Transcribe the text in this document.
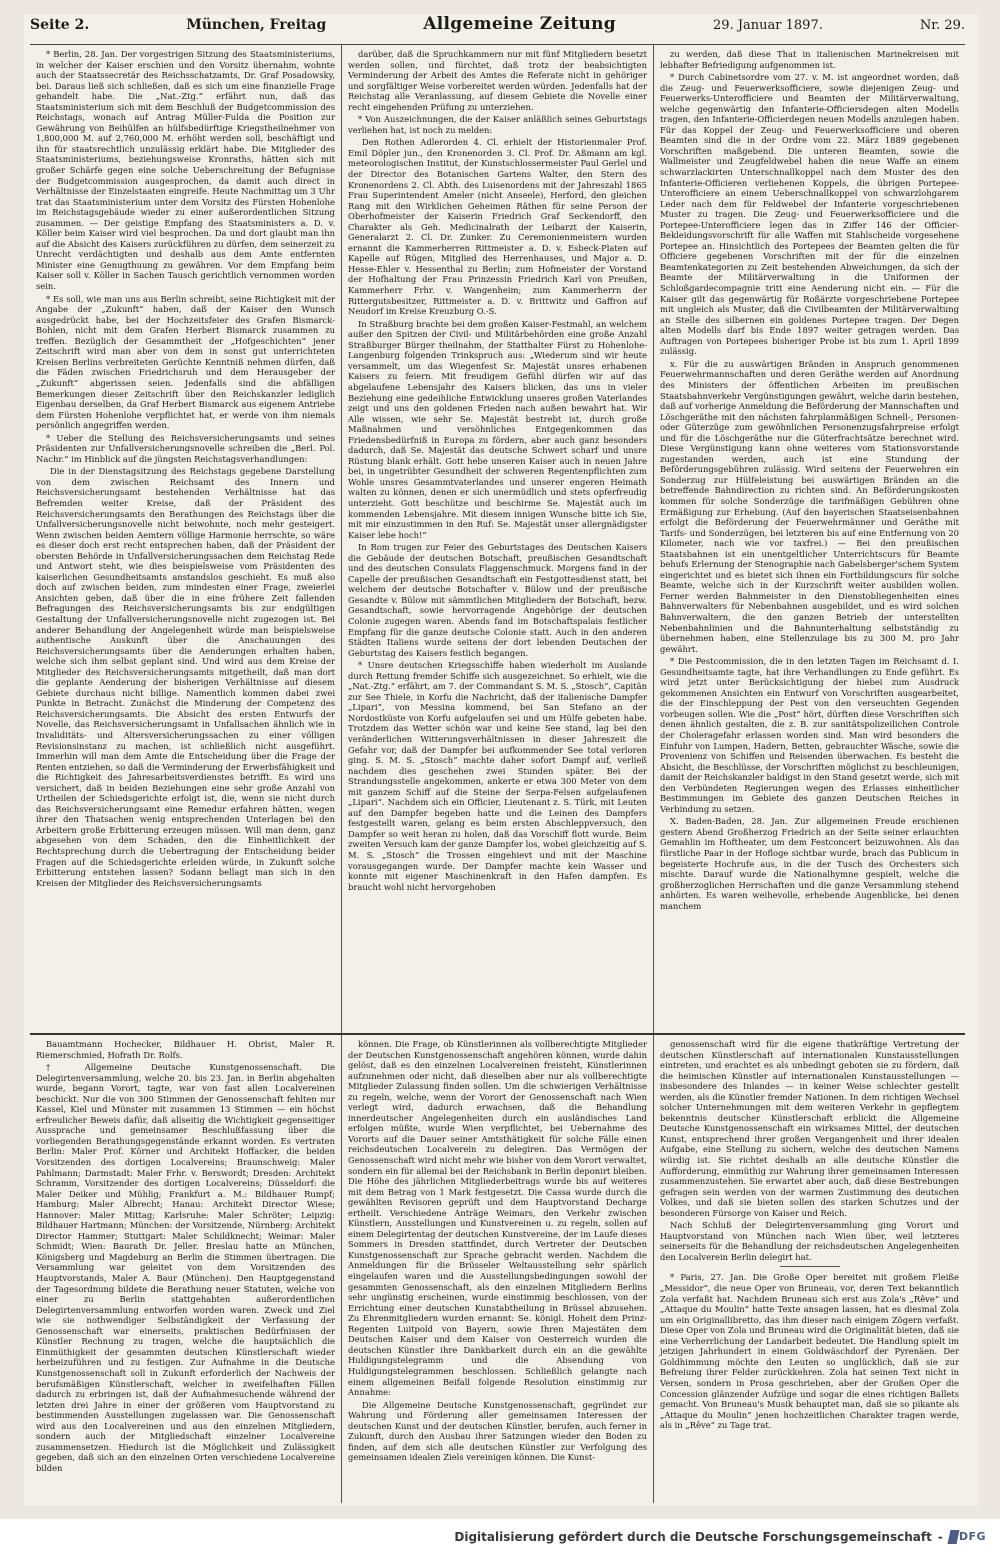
Seite 2.	München, Freitag	Allgemeine Zeitung	29. Januar 1897.	Nr. 29.

* Berlin, 28. Jan. Der vorgestrigen Sitzung des Staatsministeriums, in welcher der Kaiser erschien und den Vorsitz übernahm, wohnte auch der Staatssecretär des Reichsschatzamts, Dr. Graf Posadowsky, bei. Daraus ließ sich schließen, daß es sich um eine finanzielle Frage gehandelt habe. Die „Nat.-Ztg.“ erfährt nun, daß das Staatsministerium sich mit dem Beschluß der Budgetcommission des Reichstags, wonach auf Antrag Müller-Fulda die Position zur Gewährung von Beihülfen an hülfsbedürftige Kriegstheilnehmer von 1,800,000 M. auf 2,760,000 M. erhöht werden soll, beschäftigt und ihn für staatsrechtlich unzulässig erklärt habe. Die Mitglieder des Staatsministeriums, beziehungsweise Kronraths, hätten sich mit großer Schärfe gegen eine solche Ueberschreitung der Befugnisse der Budgetcommission ausgesprochen, da damit auch direct in Verhältnisse der Einzelstaaten eingreife. Heute Nachmittag um 3 Uhr trat das Staatsministerium unter dem Vorsitz des Fürsten Hohenlohe im Reichstagsgebäude wieder zu einer außerordentlichen Sitzung zusammen. — Der geistige Empfang des Staatsministers a. D. v. Köller beim Kaiser wird viel besprochen. Da und dort glaubt man ihn auf die Absicht des Kaisers zurückführen zu dürfen, dem seinerzeit zu Unrecht verdächtigten und deshalb aus dem Amte entfernten Minister eine Genugthuung zu gewähren. Vor dem Empfang beim Kaiser soll v. Köller in Sachen Tausch gerichtlich vernommen worden sein.

* Es soll, wie man uns aus Berlin schreibt, seine Richtigkeit mit der Angabe der „Zukunft“ haben, daß der Kaiser den Wunsch ausgedrückt habe, bei der Hochzeitsfeier des Grafen Bismarck-Bohlen, nicht mit dem Grafen Herbert Bismarck zusammen zu treffen. Bezüglich der Gesammtheit der „Hofgeschichten“ jener Zeitschrift wird man aber von dem in sonst gut unterrichteten Kreisen Berlins verbreiteten Gerüchte Kenntniß nehmen dürfen, daß die Fäden zwischen Friedrichsruh und dem Herausgeber der „Zukunft“ abgerissen seien. Jedenfalls sind die abfälligen Bemerkungen dieser Zeitschrift über den Reichskanzler lediglich Eigenbau derselben, da Graf Herbert Bismarck aus eigenem Antriebe dem Fürsten Hohenlohe verpflichtet hat, er werde von ihm niemals persönlich angegriffen werden.

* Ueber die Stellung des Reichsversicherungsamts und seines Präsidenten zur Unfallversicherungsnovelle schreiben die „Berl. Pol. Nachr.“ im Hinblick auf die jüngsten Reichstagsverhandlungen:

Die in der Dienstagsitzung des Reichstags gegebene Darstellung von dem zwischen Reichsamt des Innern und Reichsversicherungsamt bestehenden Verhältnisse hat das Befremden weiter Kreise, daß der Präsident des Reichsversicherungsamts den Berathungen des Reichstags über die Unfallversicherungsnovelle nicht beiwohnte, noch mehr gesteigert. Wenn zwischen beiden Aemtern völlige Harmonie herrschte, so wäre es dieser doch erst recht entsprechen haben, daß der Präsident der obersten Behörde in Unfallversicherungssachen dem Reichstag Rede und Antwort steht, wie dies beispielsweise vom Präsidenten des kaiserlichen Gesundheitsamts anstandslos geschieht. Es muß also doch auf zwischen beiden, zum mindesten einer Frage, zweierlei Ansichten geben, daß über die in eine frühere Zeit fallenden Befragungen des Reichsversicherungsamts bis zur endgültigen Gestaltung der Unfallversicherungsnovelle nicht zugezogen ist. Bei anderer Behandlung der Angelegenheit würde man beispielsweise authentische Auskunft über die Anschauungen des Reichsversicherungsamts über die Aenderungen erhalten haben, welche sich ihm selbst geplant sind. Und wird aus dem Kreise der Mitglieder des Reichsversicherungsamts mitgetheilt, daß man dort die geplante Aenderung der bisherigen Verhältnisse auf diesem Gebiete durchaus nicht billige. Namentlich kommen dabei zwei Punkte in Betracht. Zunächst die Minderung der Competenz des Reichsversicherungsamts. Die Absicht des ersten Entwurfs der Novelle, das Reichsversicherungsamt in Unfallsachen ähnlich wie in Invaliditäts- und Altersversicherungssachen zu einer völligen Revisionsinstanz zu machen, ist schließlich nicht ausgeführt. Immerhin will man dem Amte die Entscheidung über die Frage der Renten entziehen, so daß die Verminderung der Erwerbsfähigkeit und die Richtigkeit des Jahresarbeitsverdienstes betrifft. Es wird uns versichert, daß in beiden Beziehungen eine sehr große Anzahl von Urtheilen der Schiedsgerichte erfolgt ist, die, wenn sie nicht durch das Reichsversicherungsamt eine Remedur erfahren hätten, wegen ihrer den Thatsachen wenig entsprechenden Unterlagen bei den Arbeitern große Erbitterung erzeugen müssen. Will man denn, ganz abgesehen von dem Schaden, den die Einheitlichkeit der Rechtsprechung durch die Uebertragung der Entscheidung beider Fragen auf die Schiedsgerichte erleiden würde, in Zukunft solche Erbitterung entstehen lassen? Sodann bellagt man sich in den Kreisen der Mitglieder des Reichsversicherungsamts

darüber, daß die Spruchkammern nur mit fünf Mitgliedern besetzt werden sollen, und fürchtet, daß trotz der beabsichtigten Verminderung der Arbeit des Amtes die Referate nicht in gehöriger und sorgfältiger Weise vorbereitet werden würden. Jedenfalls hat der Reichstag alle Veranlassung, auf diesem Gebiete die Novelle einer recht eingehenden Prüfung zu unterziehen.

* Von Auszeichnungen, die der Kaiser anläßlich seines Geburtstags verliehen hat, ist noch zu melden:

Den Rothen Adlerorden 4. Cl. erhielt der Historienmaler Prof. Emil Döpler jun., den Kronenorden 3. Cl. Prof. Dr. Aßmann am kgl. meteorologischen Institut, der Kunstschlossermeister Paul Gerlel und der Director des Botanischen Gartens Walter, den Stern des Kronenordens 2. Cl. Abth. des Luisenordens mit der Jahreszahl 1865 Frau Superintendent Ameler (nicht Anseele), Herford, den gleichen Rang mit den Wirklichen Geheimen Räthen für seine Person der Oberhofmeister der Kaiserin Friedrich Graf Seckendorff, den Charakter als Geh. Medicinalrath der Leibarzt der Kaiserin, Generalarzt 2. Cl. Dr. Zunker. Zu Ceremonienmeistern wurden ernannt die Kammerherren Rittmeister a. D. v. Esbeck-Platen auf Kapelle auf Rügen, Mitglied des Herrenhauses, und Major a. D. Hesse-Ehler v. Hessenthal zu Berlin; zum Hofmeister der Vorstand der Hofhaltung der Frau Prinzessin Friedrich Karl von Preußen, Kammerherr Frhr. v. Wangenheim; zum Kammerherrn der Rittergutsbesitzer, Rittmeister a. D. v. Brittwitz und Gaffron auf Neudorf im Kreise Kreuzburg O.-S.

In Straßburg brachte bei dem großen Kaiser-Festmahl, an welchem außer den Spitzen der Civil- und Militärbehörden eine große Anzahl Straßburger Bürger theilnahm, der Statthalter Fürst zu Hohenlohe-Langenburg folgenden Trinkspruch aus: „Wiederum sind wir heute versammelt, um das Wiegenfest Sr. Majestät unsres erhabenen Kaisers zu feiern. Mit freudigem Gefühl dürfen wir auf das abgelaufene Lebensjahr des Kaisers blicken, das uns in vieler Beziehung eine gedeihliche Entwicklung unseres großen Vaterlandes zeigt und uns den goldenen Frieden nach außen bewahrt hat. Wir Alle wissen, wie sehr Se. Majestät bestrebt ist, durch große Maßnahmen und versöhnliches Entgegenkommen das Friedensbedürfniß in Europa zu fördern, aber auch ganz besonders dadurch, daß Se. Majestät das deutsche Schwert scharf und unsre Rüstung blank erhält. Gott hebe unseren Kaiser auch in neuen Jahre bei, in ungetrübter Gesundheit der schweren Regentenpflichten zum Wohle unsres Gesammtvaterlandes und unserer engeren Heimath walten zu können, denen er sich unermüdlich und stets opferfreudig unterzieht. Gott beschütze und beschirme Se. Majestät auch im kommenden Lebensjahre. Mit diesem innigen Wunsche bitte ich Sie, mit mir einzustimmen in den Ruf: Se. Majestät unser allergnädigster Kaiser lebe hoch!“

In Rom trugen zur Feier des Geburtstages des Deutschen Kaisers die Gebäude der deutschen Botschaft, preußischen Gesandtschaft und des deutschen Consulats Flaggenschmuck. Morgens fand in der Capelle der preußischen Gesandtschaft ein Festgottesdienst statt, bei welchem der deutsche Botschafter v. Bülow und der preußische Gesandte v. Bülow mit sämmtlichen Mitgliedern der Botschaft, bezw. Gesandtschaft, sowie hervorragende Angehörige der deutschen Colonie zugegen waren. Abends fand im Botschaftspalais festlicher Empfang für die ganze deutsche Colonie statt. Auch in den anderen Städten Italiens wurde seitens der dort lebenden Deutschen der Geburtstag des Kaisers festlich begangen.

* Unsre deutschen Kriegsschiffe haben wiederholt im Auslande durch Rettung fremder Schiffe sich ausgezeichnet. So erhielt, wie die „Nat.-Ztg.“ erfährt, am 7. der Commandant S. M. S. „Stosch“, Capitän zur See Thiele, in Korfu die Nachricht, daß der italienische Dampfer „Lipari“, von Messina kommend, bei San Stefano an der Nordostküste von Korfu aufgelaufen sei und um Hülfe gebeten habe. Trotzdem das Wetter schön war und keine See stand, lag bei den veränderlichen Witterungsverhältnissen in dieser Jahreszeit die Gefahr vor, daß der Dampfer bei aufkommender See total verloren ging. S. M. S. „Stosch“ machte daher sofort Dampf auf, verließ nachdem dies geschehen zwei Stunden später. Bei der Strandungsstelle angekommen, ankerte er etwa 300 Meter von dem mit ganzem Schiff auf die Steine der Serpa-Felsen aufgelaufenen „Lipari“. Nachdem sich ein Officier, Lieutenant z. S. Türk, mit Leuten auf den Dampfer begeben hatte und die Leinen des Dampfers festgestellt waren, gelang es beim ersten Abschleppversuch, den Dampfer so weit heran zu holen, daß das Vorschiff flott wurde. Beim zweiten Versuch kam der ganze Dampfer los, wobei gleichzeitig auf S. M. S. „Stosch“ die Trossen eingehievt und mit der Maschine vorausgegangen wurde. Der Dampfer machte kein Wasser und konnte mit eigener Maschinenkraft in den Hafen dampfen. Es braucht wohl nicht hervorgehoben

zu werden, daß diese That in italienischen Marinekreisen mit lebhafter Befriedigung aufgenommen ist.

* Durch Cabinetsordre vom 27. v. M. ist angeordnet worden, daß die Zeug- und Feuerwerksofficiere, sowie diejenigen Zeug- und Feuerwerks-Unterofficiere und Beamten der Militärverwaltung, welche gegenwärtig den Infanterie-Officiersdegen alten Modells tragen, den Infanterie-Officierdegen neuen Modells anzulegen haben. Für das Koppel der Zeug- und Feuerwerksofficiere und oberen Beamten sind die in der Ordre vom 22. März 1889 gegebenen Vorschriften maßgebend. Die unteren Beamten, sowie die Wallmeister und Zeugfeldwebel haben die neue Waffe an einem schwarzlackirten Unterschnallkoppel nach dem Muster des den Infanterie-Officieren verliehenen Koppels, die übrigen Portepee-Unterofficiere an einem Ueberschnallkoppel von schwarzlohgarem Leder nach dem für Feldwebel der Infanterie vorgeschriebenen Muster zu tragen. Die Zeug- und Feuerwerksofficiere und die Portepee-Unterofficiere legen das in Ziffer 146 der Officier-Bekleidungsvorschrift für alle Waffen mit Stahlscheide vorgesehene Portepee an. Hinsichtlich des Portepees der Beamten gelten die für Officiere gegebenen Vorschriften mit der für die einzelnen Beamtenkategorien zu Zeit bestehenden Abweichungen, da sich der Beamte der Militärverwaltung in die Uniformen der Schloßgardecompagnie tritt eine Aenderung nicht ein. — Für die Kaiser gilt das gegenwärtig für Roßärzte vorgeschriebene Portepee mit ungleich als Muster, daß die Civilbeamten der Militärverwaltung an Stelle des silbernen ein goldenes Portepee tragen. Der Degen alten Modells darf bis Ende 1897 weiter getragen werden. Das Auftragen von Portepees bisheriger Probe ist bis zum 1. April 1899 zulässig.

x. Für die zu auswärtigen Bränden in Anspruch genommenen Feuerwehrmannschaften und deren Geräthe werden auf Anordnung des Ministers der öffentlichen Arbeiten im preußischen Staatsbahnverkehr Vergünstigungen gewährt, welche darin bestehen, daß auf vorherige Anmeldung die Beförderung der Mannschaften und Löschgeräthe mit den nächsten fahrplanmäßigen Schnell-, Personen- oder Güterzüge zum gewöhnlichen Personenzugsfahrpreise erfolgt und für die Löschgeräthe nur die Güterfrachtsätze berechnet wird. Diese Vergünstigung kann ohne weiteres vom Stationsvorstande zugestanden werden, auch ist eine Stundung der Beförderungsgebühren zulässig. Wird seitens der Feuerwehren ein Sonderzug zur Hülfeleistung bei auswärtigen Bränden an die betreffende Bahndirection zu richten sind. An Beförderungskosten kommen für solche Sonderzüge die tarifmäßigen Gebühren ohne Ermäßigung zur Erhebung. (Auf den bayerischen Staatseisenbahnen erfolgt die Beförderung der Feuerwehrmänner und Geräthe mit Tarifs- und Sonderzügen, bei letzteren bis auf eine Entfernung von 20 Kilometer, nach wie vor taxfrei.) — Bei den preußischen Staatsbahnen ist ein unentgeltlicher Unterrichtscurs für Beamte behufs Erlernung der Stenographie nach Gabelsberger'schem System eingerichtet und es bietet sich ihnen ein Fortbildungscurs für solche Beamte, welche sich in der Kurzschrift weiter ausbilden wollen. Ferner werden Bahnmeister in den Dienstobliegenheiten eines Bahnverwalters für Nebenbahnen ausgebildet, und es wird solchen Bahnverwaltern, die den ganzen Betrieb der unterstellten Nebenbahnlinien und die Bahnunterhaltung selbstständig zu übernehmen haben, eine Stellenzulage bis zu 300 M. pro Jahr gewährt.

* Die Pestcommission, die in den letzten Tagen im Reichsamt d. I. Gesundheitsamte tagte, hat ihre Verhandlungen zu Ende geführt. Es wird jetzt unter Berücksichtigung der hiebei zum Ausdruck gekommenen Ansichten ein Entwurf von Vorschriften ausgearbeitet, die der Einschleppung der Pest von den verseuchten Gegenden vorbeugen sollen. Wie die „Post“ hört, dürften diese Vorschriften sich denen ähnlich gestalten, die z. B. zur sanitätspolizeilichen Controle der Choleragefahr erlassen worden sind. Man wird besonders die Einfuhr von Lumpen, Hadern, Betten, gebrauchter Wäsche, sowie die Provenienz von Schiffen und Reisenden überwachen. Es besteht die Absicht, die Beschlüsse, der Vorschriften möglichst zu beschleunigen, damit der Reichskanzler baldigst in den Stand gesetzt werde, sich mit den Verbündeten Regierungen wegen des Erlasses einheitlicher Bestimmungen im Gebiete des ganzen Deutschen Reiches in Verbindung zu setzen.

X. Baden-Baden, 28. Jan. Zur allgemeinen Freude erschienen gestern Abend Großherzog Friedrich an der Seite seiner erlauchten Gemahlin im Hoftheater, um dem Festconcert beizuwohnen. Als das fürstliche Paar in der Hofloge sichtbar wurde, brach das Publicum in begeisterte Hochrufe aus, in die der Tusch des Orchesters sich mischte. Darauf wurde die Nationalhymne gespielt, welche die großherzoglichen Herrschaften und die ganze Versammlung stehend anhörten. Es waren weihevolle, erhebende Augenblicke, bei denen manchem

Bauamtmann Hochecker, Bildhauer H. Obrist, Maler R. Riemerschmied, Hofrath Dr. Rolfs.

† Allgemeine Deutsche Kunstgenossenschaft. Die Delegirtenversammlung, welche 20. bis 23. Jan. in Berlin abgehalten wurde, begann Vorort, tagte, war von fast allen Localvereinen beschickt. Nur die von 300 Stimmen der Genossenschaft fehlten nur Kassel, Kiel und Münster mit zusammen 13 Stimmen — ein höchst erfreulicher Beweis dafür, daß allseitig die Wichtigkeit gegenseitiger Aussprache und gemeinsamer Beschlußfassung über die vorliegenden Berathungsgegenstände erkannt worden. Es vertraten Berlin: Maler Prof. Körner und Architekt Hoffacker, die beiden Vorsitzenden des dortigen Localvereins; Braunschweig: Maler Pahlmann; Darmstadt: Maler Frhr. v. Berswordt; Dresden: Architekt Schramm, Vorsitzender des dortigen Localvereins; Düsseldorf: die Maler Deiker und Mühlig; Frankfurt a. M.: Bildhauer Rumpf; Hamburg: Maler Albrecht; Hanau: Architekt Director Wiese; Hannover: Maler Mittag; Karlsruhe: Maler Schröter; Leipzig: Bildhauer Hartmann; München: der Vorsitzende, Nürnberg: Architekt Director Hammer; Stuttgart: Maler Schildknecht; Weimar: Maler Schmidt; Wien: Baurath Dr. Jeller. Breslau hatte an München, Königsberg und Magdeburg an Berlin die Stimmen übertragen. Die Versammlung war geleitet von dem Vorsitzenden des Hauptvorstands, Maler A. Baur (München). Den Hauptgegenstand der Tagesordnung bildete die Berathung neuer Statuten, welche von einer zu Berlin stattgehabten außerordentlichen Delegirtenversammlung entworfen worden waren. Zweck und Ziel wie sie nothwendiger Selbständigkeit der Verfassung der Genossenschaft war einerseits, praktischen Bedürfnissen der Künstler Rechnung zu tragen, welche die hauptsächlich die Einmüthigkeit der gesammten deutschen Künstlerschaft wieder herbeizuführen und zu festigen. Zur Aufnahme in die Deutsche Kunstgenossenschaft soll in Zukunft erforderlich der Nachweis der berufsmäßigen Künstlerschaft, welcher in zweifelhaften Fällen dadurch zu erbringen ist, daß der Aufnahmesuchende während der letzten drei Jahre in einer der größeren vom Hauptvorstand zu bestimmenden Ausstellungen zugelassen war. Die Genossenschaft wird aus den Localvereinen und aus den einzelnen Mitgliedern, sondern auch der Mitgliedschaft einzelner Localvereine zusammensetzen. Hiedurch ist die Möglichkeit und Zulässigkeit gegeben, daß sich an den einzelnen Orten verschiedene Localvereine bilden

können. Die Frage, ob Künstlerinnen als vollberechtigte Mitglieder der Deutschen Kunstgenossenschaft angehören können, wurde dahin gelöst, daß es den einzelnen Localvereinen freisteht, Künstlerinnen aufzunehmen oder nicht, daß dieselben aber nur als vollberechtigte Mitglieder Zulassung finden sollen. Um die schwierigen Verhältnisse zu regeln, welche, wenn der Vorort der Genossenschaft nach Wien verlegt wird, dadurch erwachsen, daß die Behandlung innerdeutscher Angelegenheiten durch ein ausländisches Land erfolgen müßte, wurde Wien verpflichtet, bei Uebernahme des Vororts auf die Dauer seiner Amtsthätigkeit für solche Fälle einen reichsdeutschen Localverein zu delegiren. Das Vermögen der Genossenschaft wird nicht mehr wie bisher von dem Vorort verwaltet, sondern ein für allemal bei der Reichsbank in Berlin deponirt bleiben. Die Höhe des jährlichen Mitgliederbeitrags wurde bis auf weiteres mit dem Betrag von 1 Mark festgesetzt. Die Cassa wurde durch die gewählten Revisoren geprüft und dem Hauptvorstand Decharge ertheilt. Verschiedene Anträge Weimars, den Verkehr zwischen Künstlern, Ausstellungen und Kunstvereinen u. zu regeln, sollen auf einem Delegirtentag der deutschen Kunstvereine, der im Laufe dieses Sommers in Dresden stattfindet, durch Vertreter der Deutschen Kunstgenossenschaft zur Sprache gebracht werden. Nachdem die Anmeldungen für die Brüsseler Weltausstellung sehr spärlich eingelaufen waren und die Ausstellungsbedingungen sowohl der gesammten Genossenschaft, als den einzelnen Mitgliedern Berlins sehr ungünstig erscheinen, wurde einstimmig beschlossen, von der Errichtung einer deutschen Kunstabtheilung in Brüssel abzusehen. Zu Ehrenmitgliedern wurden ernannt: Se. königl. Hoheit dem Prinz-Regenten Luitpold von Bayern, sowie Ihren Majestäten dem Deutschen Kaiser und dem Kaiser von Oesterreich wurden die deutschen Künstler ihre Dankbarkeit durch ein an die gewählte Huldigungstelegramm und die Absendung von Huldigungstelegrammen beschlossen. Schließlich gelangte nach einem allgemeinen Beifall folgende Resolution einstimmig zur Annahme:

Die Allgemeine Deutsche Kunstgenossenschaft, gegründet zur Wahrung und Förderung aller gemeinsamen Interessen der deutschen Kunst und der deutschen Künstler, berufen, auch ferner in Zukunft, durch den Ausbau ihrer Satzungen wieder den Boden zu finden, auf dem sich alle deutschen Künstler zur Verfolgung des gemeinsamen idealen Ziels vereinigen können. Die Kunst-

genossenschaft wird für die eigene thatkräftige Vertretung der deutschen Künstlerschaft auf internationalen Kunstausstellungen eintreten, und erachtet es als unbedingt geboten sie zu fördern, daß die heimischen Künstler auf internationalen Kunstausstellungen — insbesondere des Inlandes — in keiner Weise schlechter gestellt werden, als die Künstler fremder Nationen. In dem richtigen Wechsel solcher Unternehmungen mit dem weiteren Verkehr in gepflegtem bekenntnis deutscher Künstlerschaft erblickt die Allgemeine Deutsche Kunstgenossenschaft ein wirksames Mittel, der deutschen Kunst, entsprechend ihrer großen Vergangenheit und ihrer idealen Aufgabe, eine Stellung zu sichern, welche des deutschen Namens würdig ist. Sie richtet deshalb an alle deutsche Künstler die Aufforderung, einmüthig zur Wahrung ihrer gemeinsamen Interessen zusammenzustehen. Sie erwartet aber auch, daß diese Bestrebungen gefragen sein werden von der warmen Zustimmung des deutschen Volkes, und daß sie bieten sollen des starken Schutzes und der besonderen Fürsorge von Kaiser und Reich.

Nach Schluß der Delegirtenversammlung ging Vorort und Hauptvorstand von München nach Wien über, weil letzteres seinerseits für die Behandlung der reichsdeutschen Angelegenheiten den Localverein Berlin delegirt hat.

* Paris, 27. Jan. Die Große Oper bereitet mit großem Fleiße „Messidor“, die neue Oper von Bruneau, vor, deren Text bekanntlich Zola verfaßt hat. Nachdem Bruneau sich erst aus Zola's „Rêve“ und „Attaque du Moulin“ hatte Texte ansagen lassen, hat es diesmal Zola um ein Originallibretto, das ihm dieser nach einigem Zögern verfaßt. Diese Oper von Zola und Bruneau wird die Originalität bieten, daß sie eine Verherrlichung der Landarbeit bedeutet. Die Handlung spielt im jetzigen Jahrhundert in einem Goldwäschdorf der Pyrenäen. Der Goldhimmung möchte den Leuten so unglücklich, daß sie zur Befreiung ihrer Felder zurückkehren. Zola hat seinen Text nicht in Versen, sondern in Prosa geschrieben, aber der Großen Oper die Concession glänzender Aufzüge und sogar die eines richtigen Ballets gemacht. Von Bruneau's Musik behauptet man, daß sie so pikante als „Attaque du Moulin“ jenen hochzeitlichen Charakter tragen werde, als in „Rêve“ zu Tage trat.

Digitalisierung gefördert durch die Deutsche Forschungsgemeinschaft - DFG
